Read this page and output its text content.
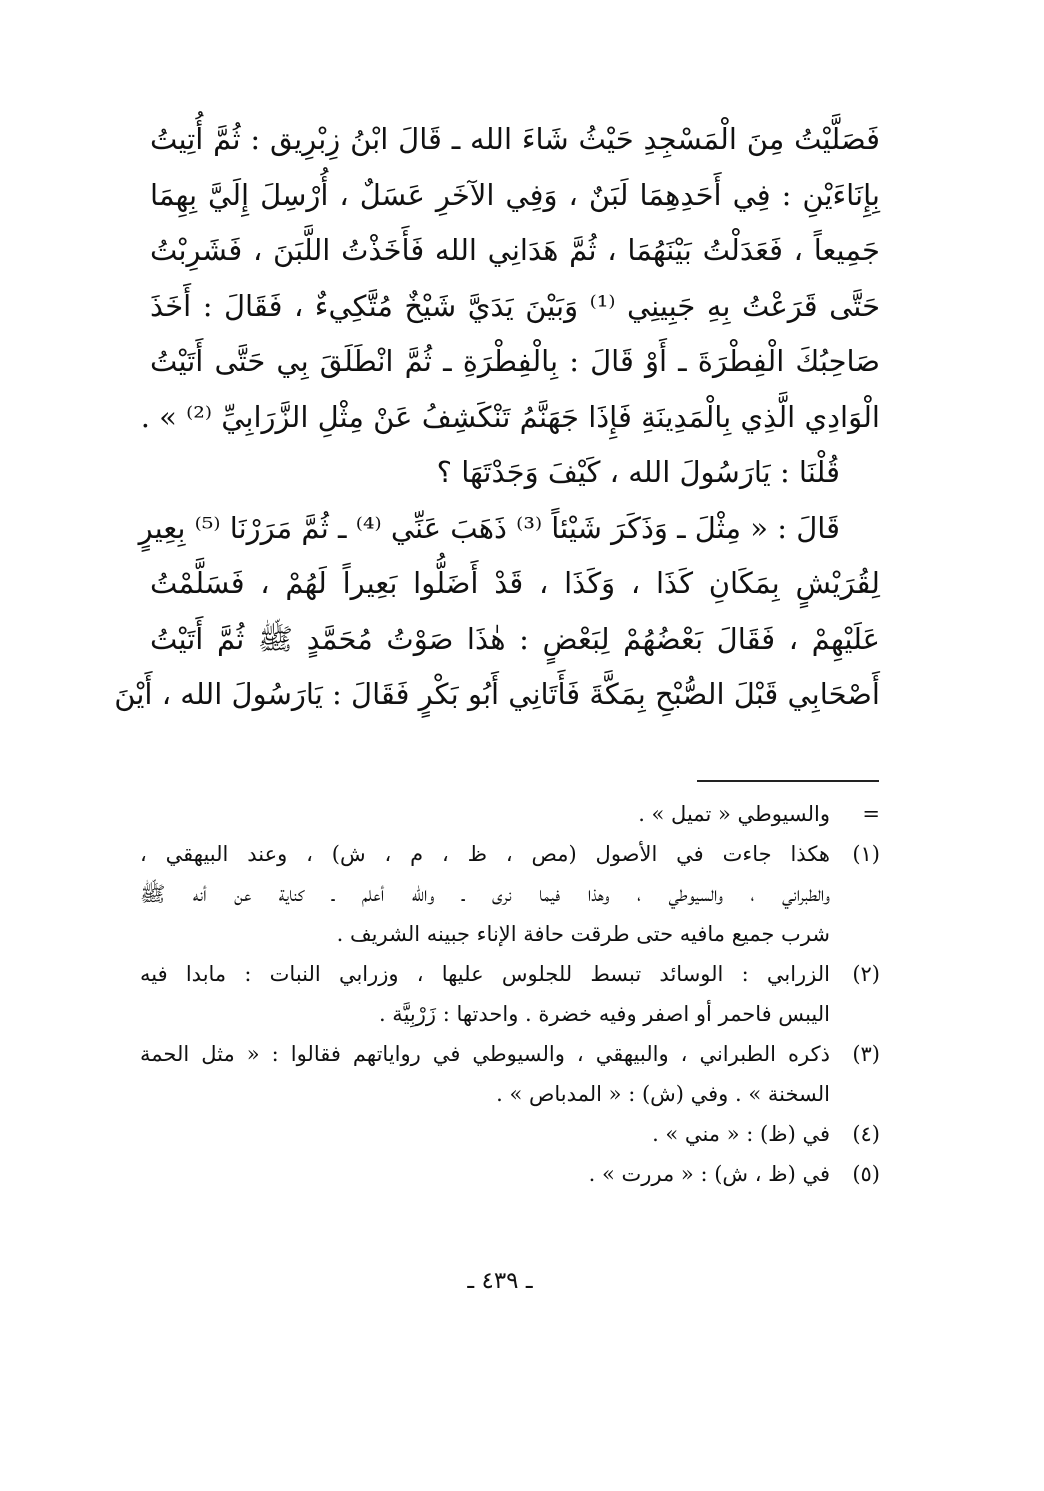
فَصَلَّيْتُ مِنَ الْمَسْجِدِ حَيْثُ شَاءَ الله ـ قَالَ ابْنُ زِبْرِيق : ثُمَّ أُتِيتُ
بِإِنَاءَيْنِ : فِي أَحَدِهِمَا لَبَنٌ ، وَفِي الآخَرِ عَسَلٌ ، أُرْسِلَ إِلَيَّ بِهِمَا
جَمِيعاً ، فَعَدَلْتُ بَيْنَهُمَا ، ثُمَّ هَدَانِي الله فَأَخَذْتُ اللَّبَنَ ، فَشَرِبْتُ
حَتَّى قَرَعْتُ بِهِ جَبِينِي ⁽¹⁾ وَبَيْنَ يَدَيَّ شَيْخٌ مُتَّكِيءٌ ، فَقَالَ : أَخَذَ
صَاحِبُكَ الْفِطْرَةَ ـ أَوْ قَالَ : بِالْفِطْرَةِ ـ ثُمَّ انْطَلَقَ بِي حَتَّى أَتَيْتُ
الْوَادِي الَّذِي بِالْمَدِينَةِ فَإِذَا جَهَنَّمُ تَنْكَشِفُ عَنْ مِثْلِ الزَّرَابِيِّ ⁽²⁾ » .
قُلْنَا : يَارَسُولَ الله ، كَيْفَ وَجَدْتَهَا ؟
قَالَ : « مِثْلَ ـ وَذَكَرَ شَيْئاً ⁽³⁾ ذَهَبَ عَنِّي ⁽⁴⁾ ـ ثُمَّ مَرَرْنَا ⁽⁵⁾ بِعِيرٍ
لِقُرَيْشٍ بِمَكَانِ كَذَا ، وَكَذَا ، قَدْ أَضَلُّوا بَعِيراً لَهُمْ ، فَسَلَّمْتُ
عَلَيْهِمْ ، فَقَالَ بَعْضُهُمْ لِبَعْضٍ : هٰذَا صَوْتُ مُحَمَّدٍ ﷺ ثُمَّ أَتَيْتُ
أَصْحَابِي قَبْلَ الصُّبْحِ بِمَكَّةَ فَأَتَانِي أَبُو بَكْرٍ فَقَالَ : يَارَسُولَ الله ، أَيْنَ
=
والسيوطي « تميل » .
(١)
هكذا جاءت في الأصول (مص ، ظ ، م ، ش) ، وعند البيهقي ،
والطبراني ، والسيوطي ، وهذا فيما نرى ـ والله أعلم ـ كناية عن أنه ﷺ
شرب جميع مافيه حتى طرقت حافة الإناء جبينه الشريف .
(٢)
الزرابي : الوسائد تبسط للجلوس عليها ، وزرابي النبات : مابدا فيه
اليبس فاحمر أو اصفر وفيه خضرة . واحدتها : زَرْبِيَّة .
(٣)
ذكره الطبراني ، والبيهقي ، والسيوطي في رواياتهم فقالوا : « مثل الحمة
السخنة » . وفي (ش) : « المدباص » .
(٤)
في (ظ) : « مني » .
(٥)
في (ظ ، ش) : « مررت » .
ـ ٤٣٩ ـ
